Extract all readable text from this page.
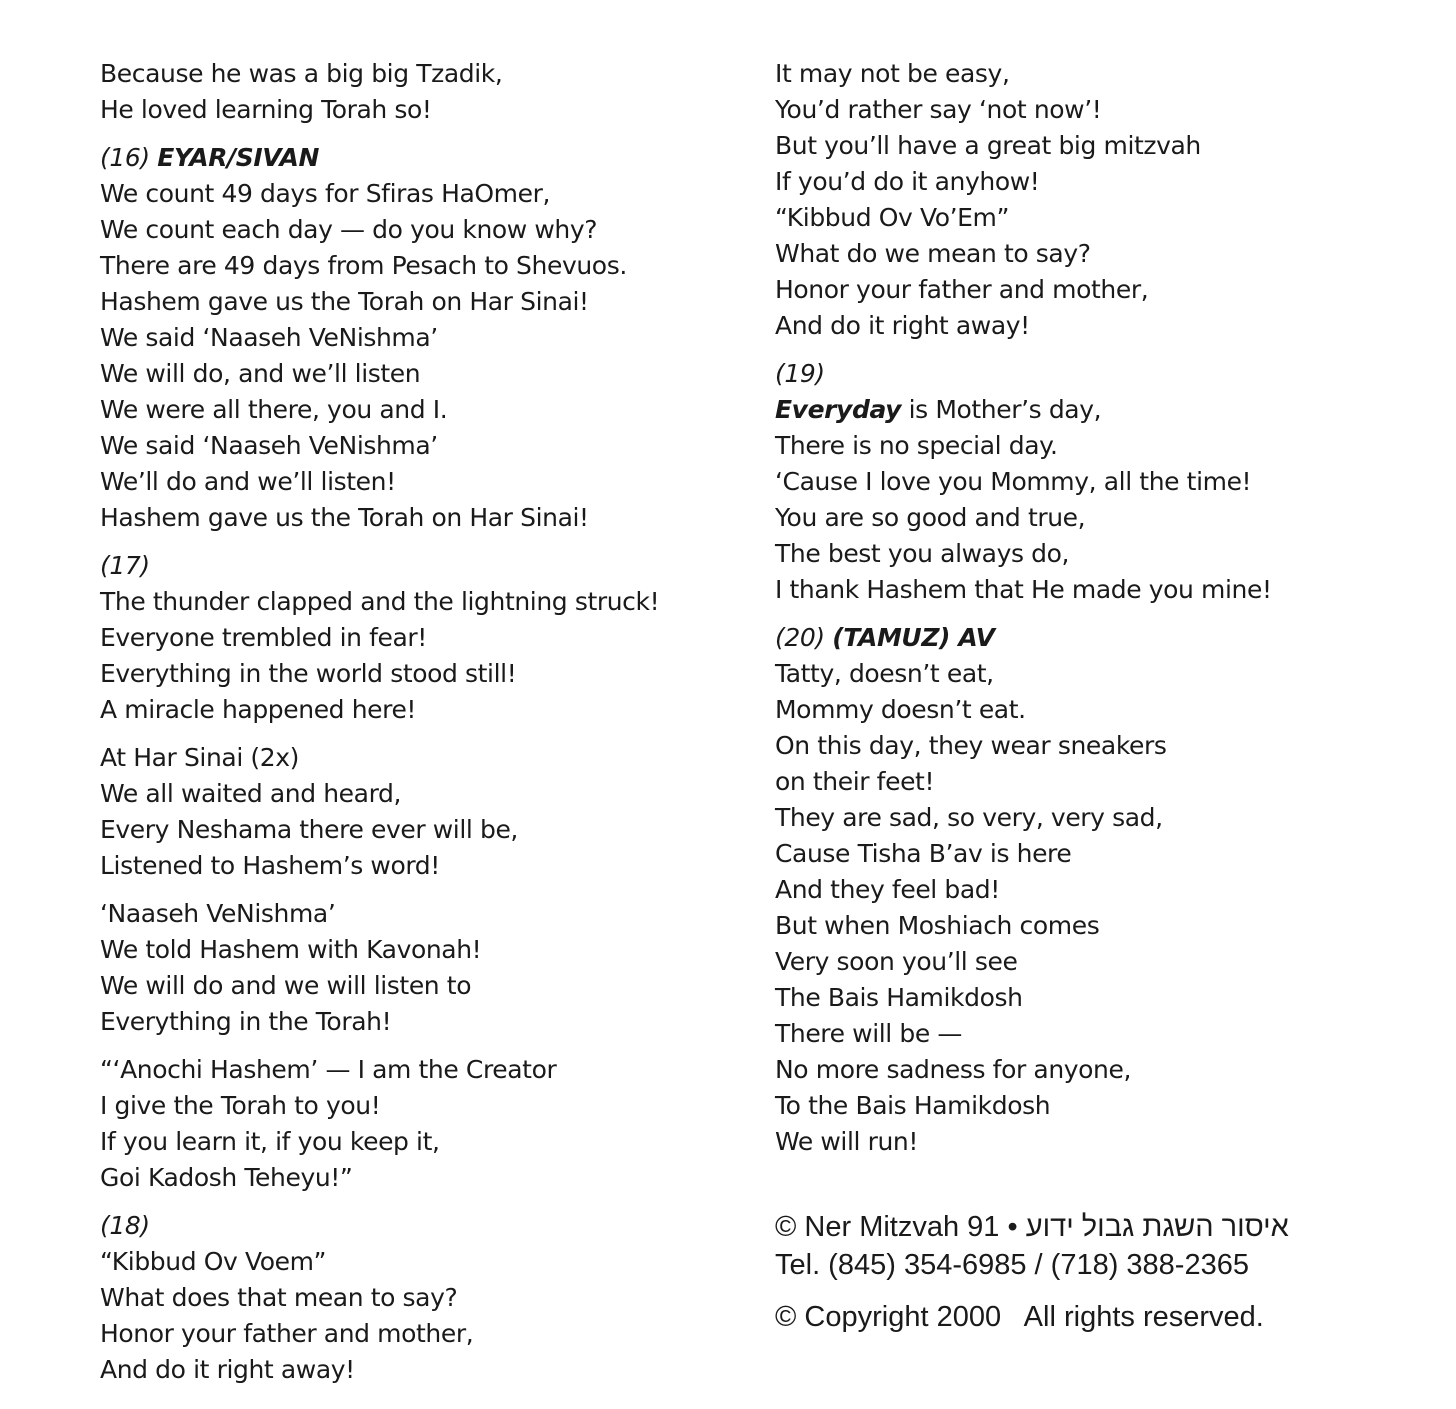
Because he was a big big Tzadik,
He loved learning Torah so!
(16) EYAR/SIVAN
We count 49 days for Sfiras HaOmer,
We count each day — do you know why?
There are 49 days from Pesach to Shevuos.
Hashem gave us the Torah on Har Sinai!
We said ‘Naaseh VeNishma’
We will do, and we’ll listen
We were all there, you and I.
We said ‘Naaseh VeNishma’
We’ll do and we’ll listen!
Hashem gave us the Torah on Har Sinai!
(17)
The thunder clapped and the lightning struck!
Everyone trembled in fear!
Everything in the world stood still!
A miracle happened here!
At Har Sinai (2x)
We all waited and heard,
Every Neshama there ever will be,
Listened to Hashem’s word!
‘Naaseh VeNishma’
We told Hashem with Kavonah!
We will do and we will listen to
Everything in the Torah!
“‘Anochi Hashem’ — I am the Creator
I give the Torah to you!
If you learn it, if you keep it,
Goi Kadosh Teheyu!”
(18)
“Kibbud Ov Voem”
What does that mean to say?
Honor your father and mother,
And do it right away!
It may not be easy,
You’d rather say ‘not now’!
But you’ll have a great big mitzvah
If you’d do it anyhow!
“Kibbud Ov Vo’Em”
What do we mean to say?
Honor your father and mother,
And do it right away!
(19)
Everyday is Mother’s day,
There is no special day.
‘Cause I love you Mommy, all the time!
You are so good and true,
The best you always do,
I thank Hashem that He made you mine!
(20) (TAMUZ) AV
Tatty, doesn’t eat,
Mommy doesn’t eat.
On this day, they wear sneakers
on their feet!
They are sad, so very, very sad,
Cause Tisha B’av is here
And they feel bad!
But when Moshiach comes
Very soon you’ll see
The Bais Hamikdosh
There will be —
No more sadness for anyone,
To the Bais Hamikdosh
We will run!
© Ner Mitzvah 91 • איסור השגת גבול ידוע
Tel. (845) 354-6985 / (718) 388-2365
© Copyright 2000   All rights reserved.
